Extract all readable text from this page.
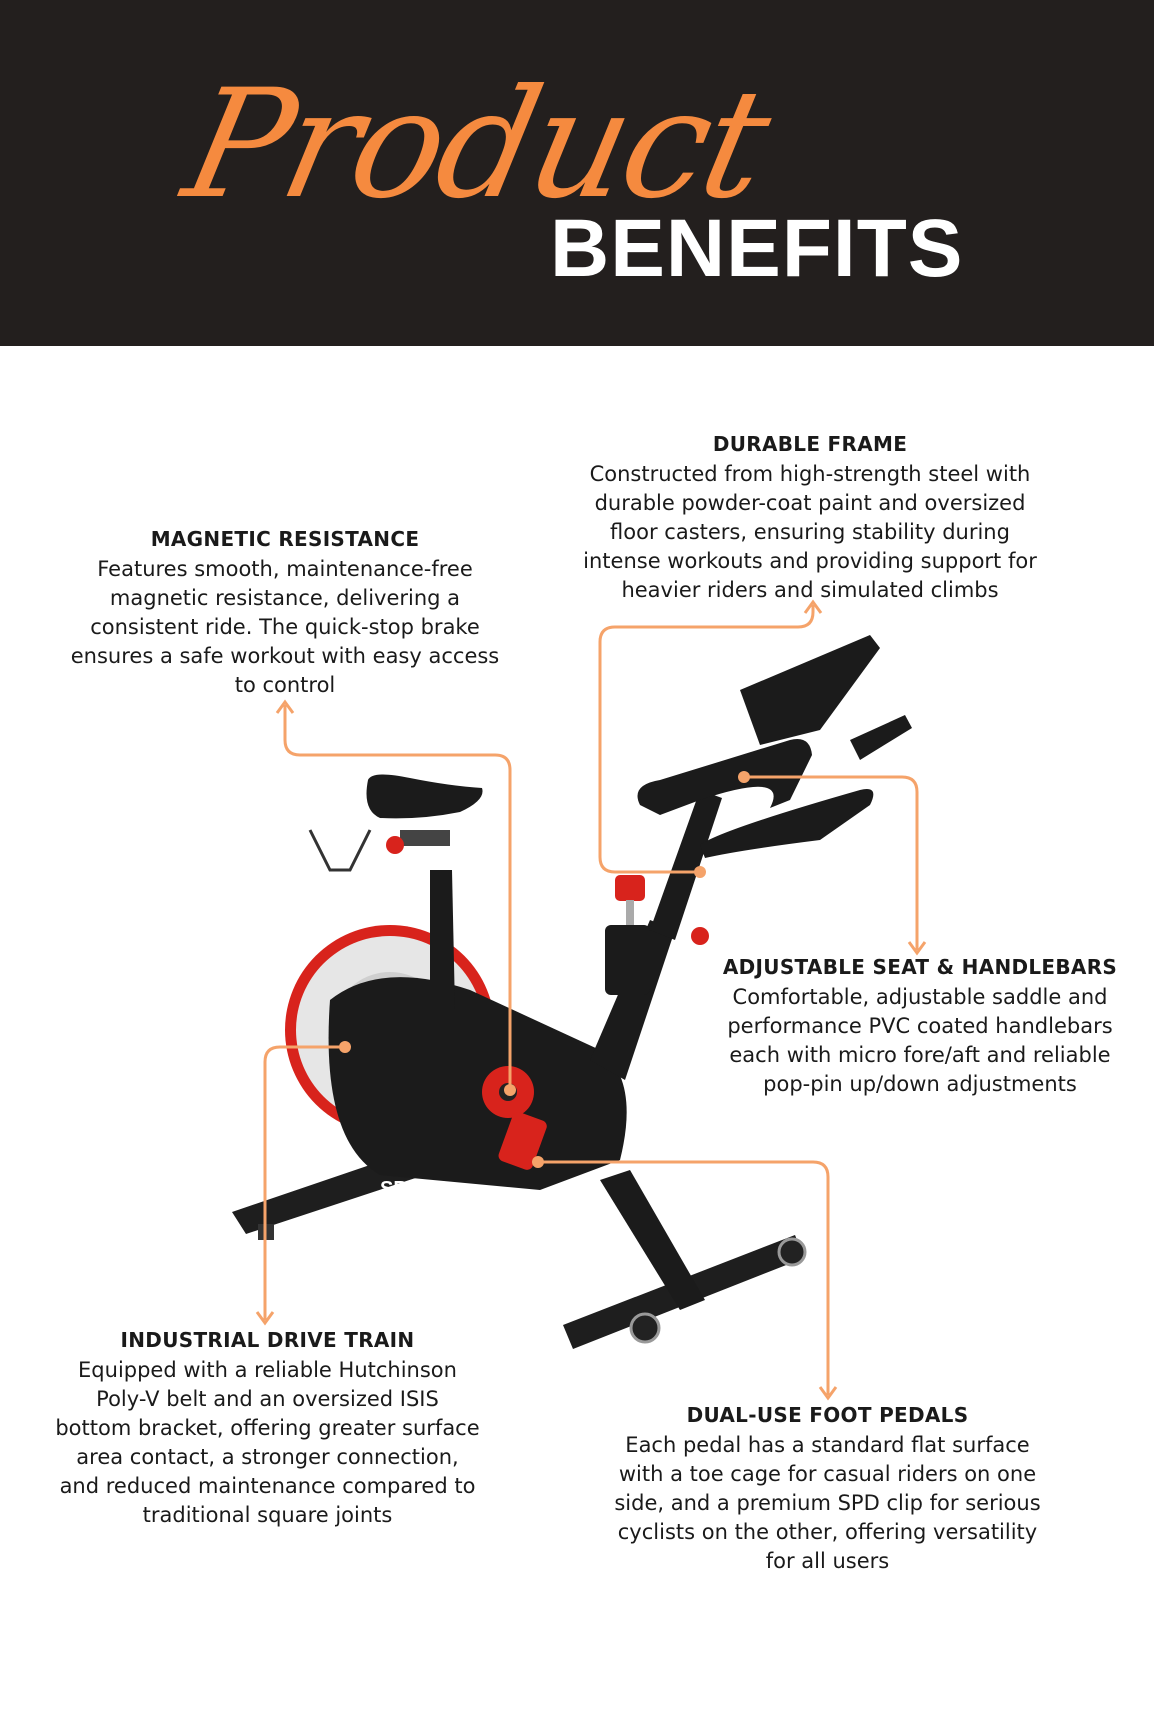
Product
BENEFITS
SPIRIT
DURABLE FRAME

Constructed from high-strength steel with

durable powder-coat paint and oversized

floor casters, ensuring stability during

intense workouts and providing support for

heavier riders and simulated climbs

MAGNETIC RESISTANCE

Features smooth, maintenance-free

magnetic resistance, delivering a

consistent ride. The quick-stop brake

ensures a safe workout with easy access

to control

ADJUSTABLE SEAT & HANDLEBARS

Comfortable, adjustable saddle and

performance PVC coated handlebars

each with micro fore/aft and reliable

pop-pin up/down adjustments

INDUSTRIAL DRIVE TRAIN

Equipped with a reliable Hutchinson

Poly-V belt and an oversized ISIS

bottom bracket, offering greater surface

area contact, a stronger connection,

and reduced maintenance compared to

traditional square joints

DUAL-USE FOOT PEDALS

Each pedal has a standard flat surface

with a toe cage for casual riders on one

side, and a premium SPD clip for serious

cyclists on the other, offering versatility

for all users
